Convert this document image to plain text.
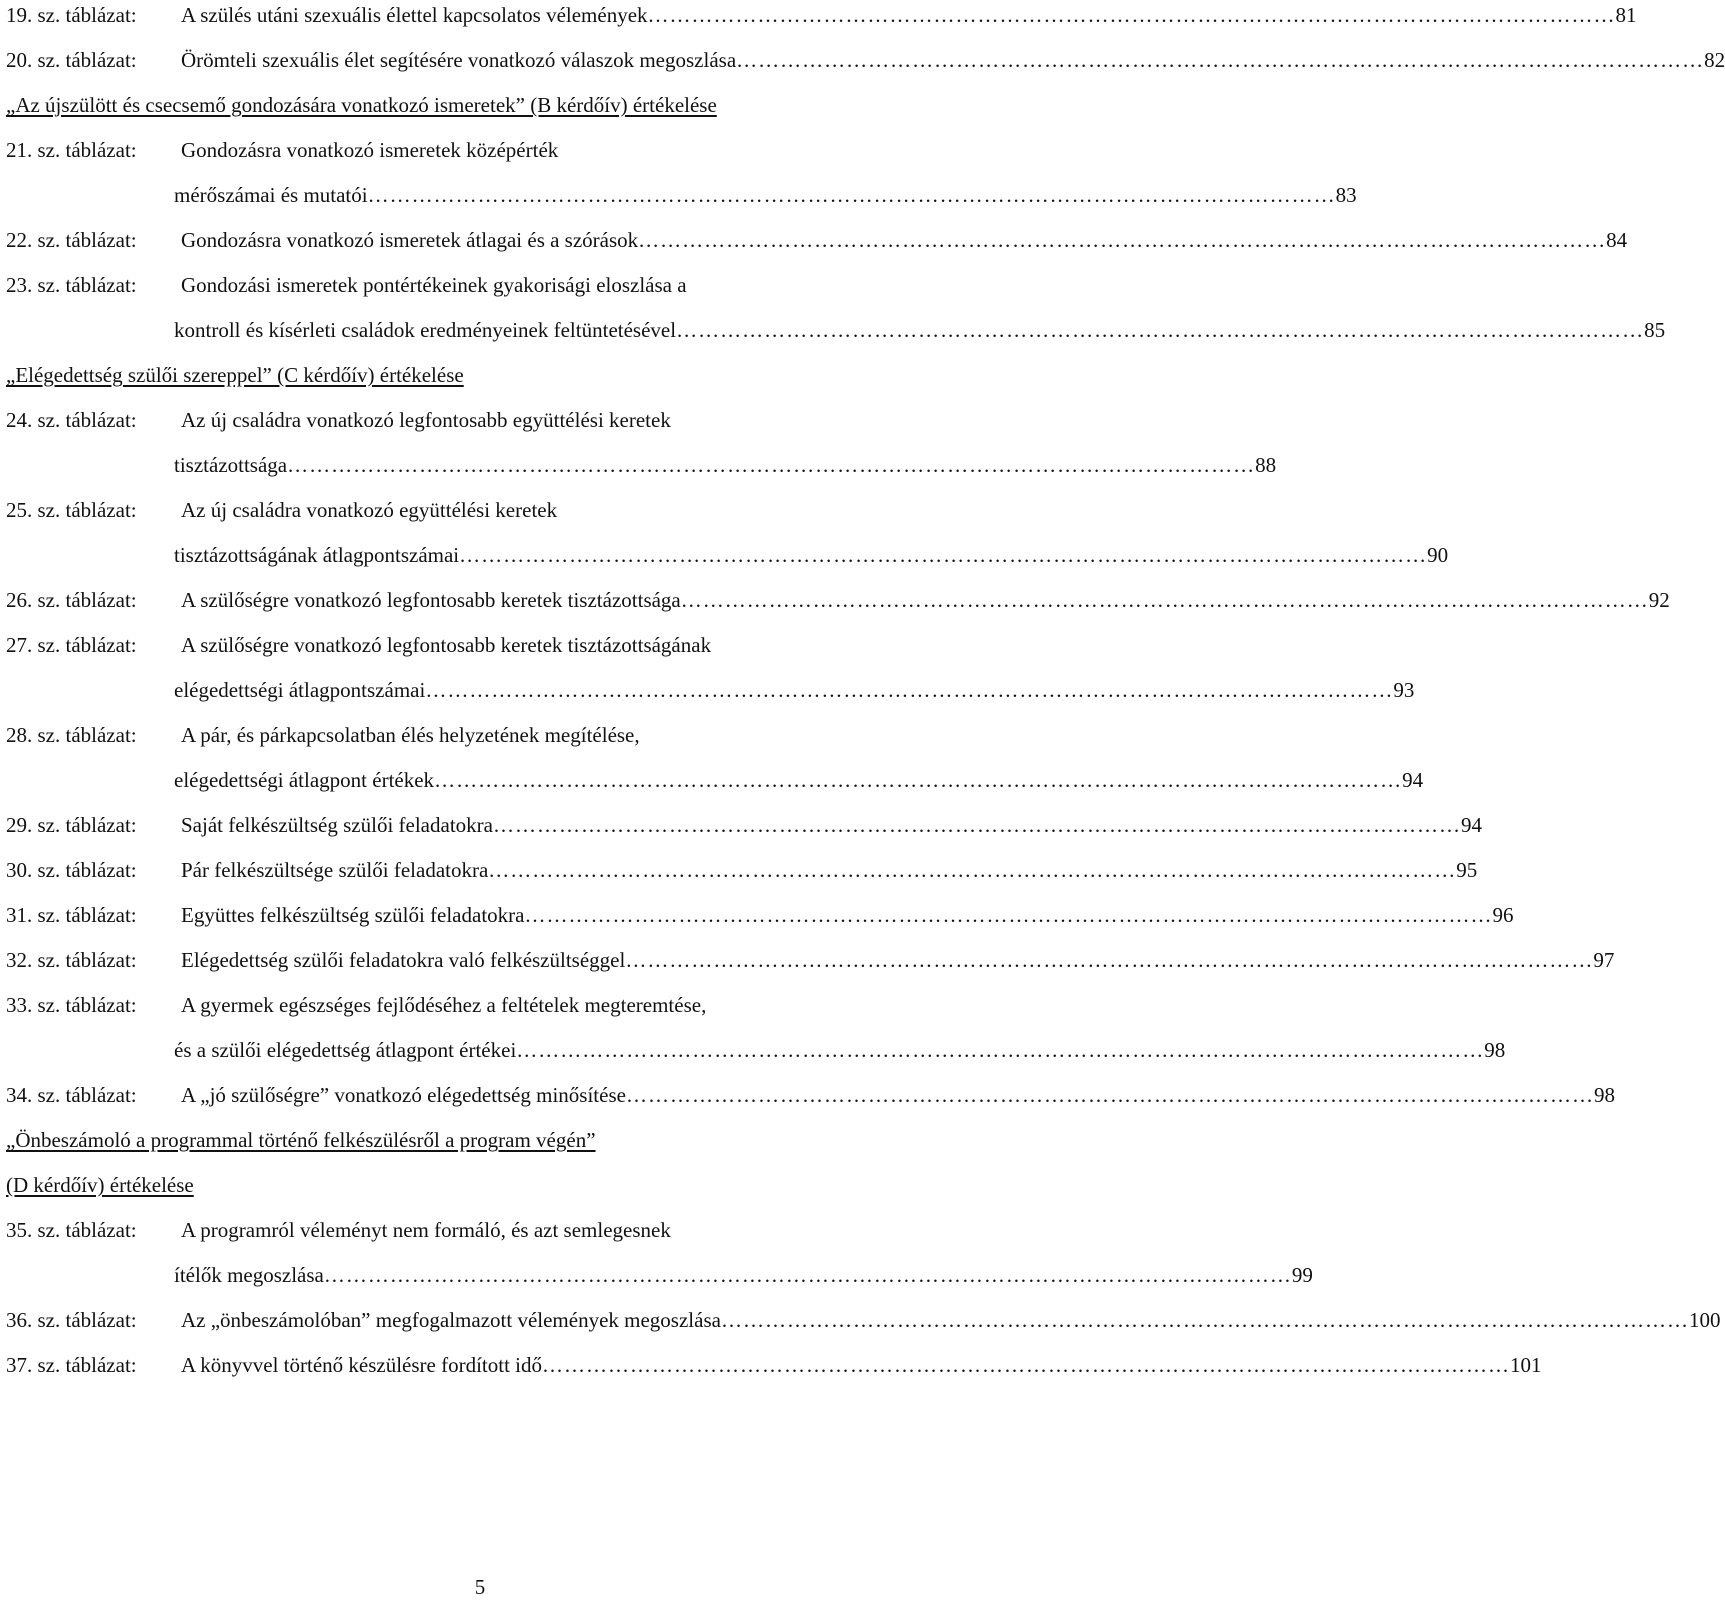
19. sz. táblázat: A szülés utáni szexuális élettel kapcsolatos vélemények …………………………………………………………………………………………………………………… 81
20. sz. táblázat: Örömteli szexuális élet segítésére vonatkozó válaszok megoszlása …………………………………………………………………………………………………………………… 82
„Az újszülött és csecsemő gondozására vonatkozó ismeretek” (B kérdőív) értékelése
21. sz. táblázat: Gondozásra vonatkozó ismeretek középérték
mérőszámai és mutatói …………………………………………………………………………………………………………………… 83
22. sz. táblázat: Gondozásra vonatkozó ismeretek átlagai és a szórások …………………………………………………………………………………………………………………… 84
23. sz. táblázat: Gondozási ismeretek pontértékeinek gyakorisági eloszlása a
kontroll és kísérleti családok eredményeinek feltüntetésével …………………………………………………………………………………………………………………… 85
„Elégedettség szülői szereppel” (C kérdőív) értékelése
24. sz. táblázat: Az új családra vonatkozó legfontosabb együttélési keretek
tisztázottsága …………………………………………………………………………………………………………………… 88
25. sz. táblázat: Az új családra vonatkozó együttélési keretek
tisztázottságának átlagpontszámai …………………………………………………………………………………………………………………… 90
26. sz. táblázat: A szülőségre vonatkozó legfontosabb keretek tisztázottsága …………………………………………………………………………………………………………………… 92
27. sz. táblázat: A szülőségre vonatkozó legfontosabb keretek tisztázottságának
elégedettségi átlagpontszámai …………………………………………………………………………………………………………………… 93
28. sz. táblázat: A pár, és párkapcsolatban élés helyzetének megítélése,
elégedettségi átlagpont értékek …………………………………………………………………………………………………………………… 94
29. sz. táblázat: Saját felkészültség szülői feladatokra …………………………………………………………………………………………………………………… 94
30. sz. táblázat: Pár felkészültsége szülői feladatokra …………………………………………………………………………………………………………………… 95
31. sz. táblázat: Együttes felkészültség szülői feladatokra …………………………………………………………………………………………………………………… 96
32. sz. táblázat: Elégedettség szülői feladatokra való felkészültséggel …………………………………………………………………………………………………………………… 97
33. sz. táblázat: A gyermek egészséges fejlődéséhez a feltételek megteremtése,
és a szülői elégedettség átlagpont értékei …………………………………………………………………………………………………………………… 98
34. sz. táblázat: A „jó szülőségre” vonatkozó elégedettség minősítése …………………………………………………………………………………………………………………… 98
„Önbeszámoló a programmal történő felkészülésről a program végén”
(D kérdőív) értékelése
35. sz. táblázat: A programról véleményt nem formáló, és azt semlegesnek
ítélők megoszlása …………………………………………………………………………………………………………………… 99
36. sz. táblázat: Az „önbeszámolóban” megfogalmazott vélemények megoszlása …………………………………………………………………………………………………………………… 100
37. sz. táblázat: A könyvvel történő készülésre fordított idő …………………………………………………………………………………………………………………… 101
5
